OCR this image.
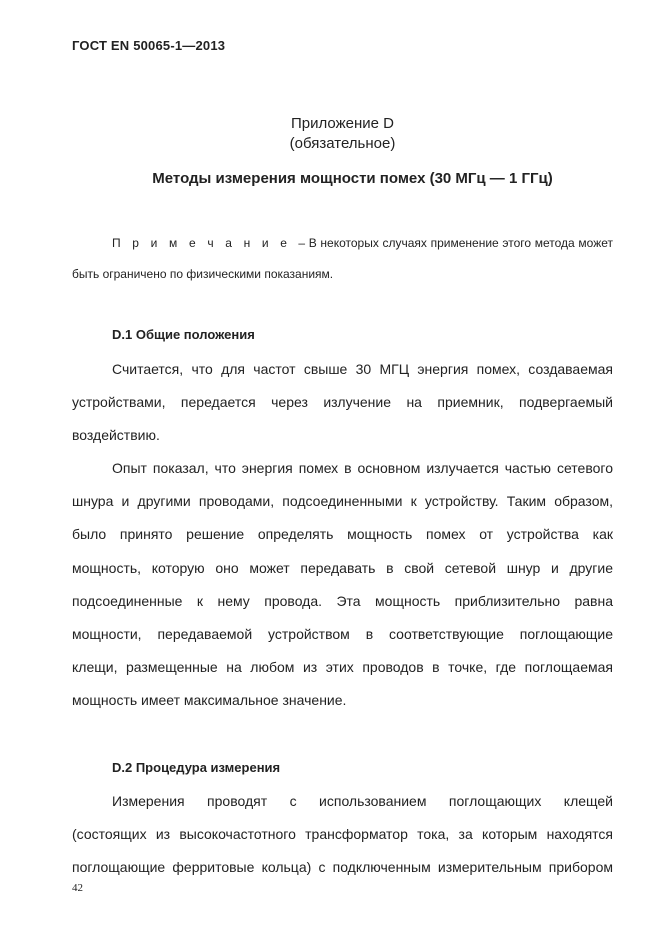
ГОСТ EN 50065-1—2013
Приложение D
(обязательное)
Методы измерения мощности помех (30 МГц — 1 ГГц)
П р и м е ч а н и е – В некоторых случаях применение этого метода может
быть ограничено по физическими показаниям.
D.1 Общие положения
Считается, что для частот свыше 30 МГЦ энергия помех, создаваемая
устройствами, передается через излучение на приемник, подвергаемый
воздействию.
Опыт показал, что энергия помех в основном излучается частью сетевого
шнура и другими проводами, подсоединенными к устройству. Таким образом,
было принято решение определять мощность помех от устройства как
мощность, которую оно может передавать в свой сетевой шнур и другие
подсоединенные к нему провода. Эта мощность приблизительно равна
мощности, передаваемой устройством в соответствующие поглощающие
клещи, размещенные на любом из этих проводов в точке, где поглощаемая
мощность имеет максимальное значение.
D.2 Процедура измерения
Измерения проводят с использованием поглощающих клещей
(состоящих из высокочастотного трансформатор тока, за которым находятся
поглощающие ферритовые кольца) с подключенным измерительным прибором
42
